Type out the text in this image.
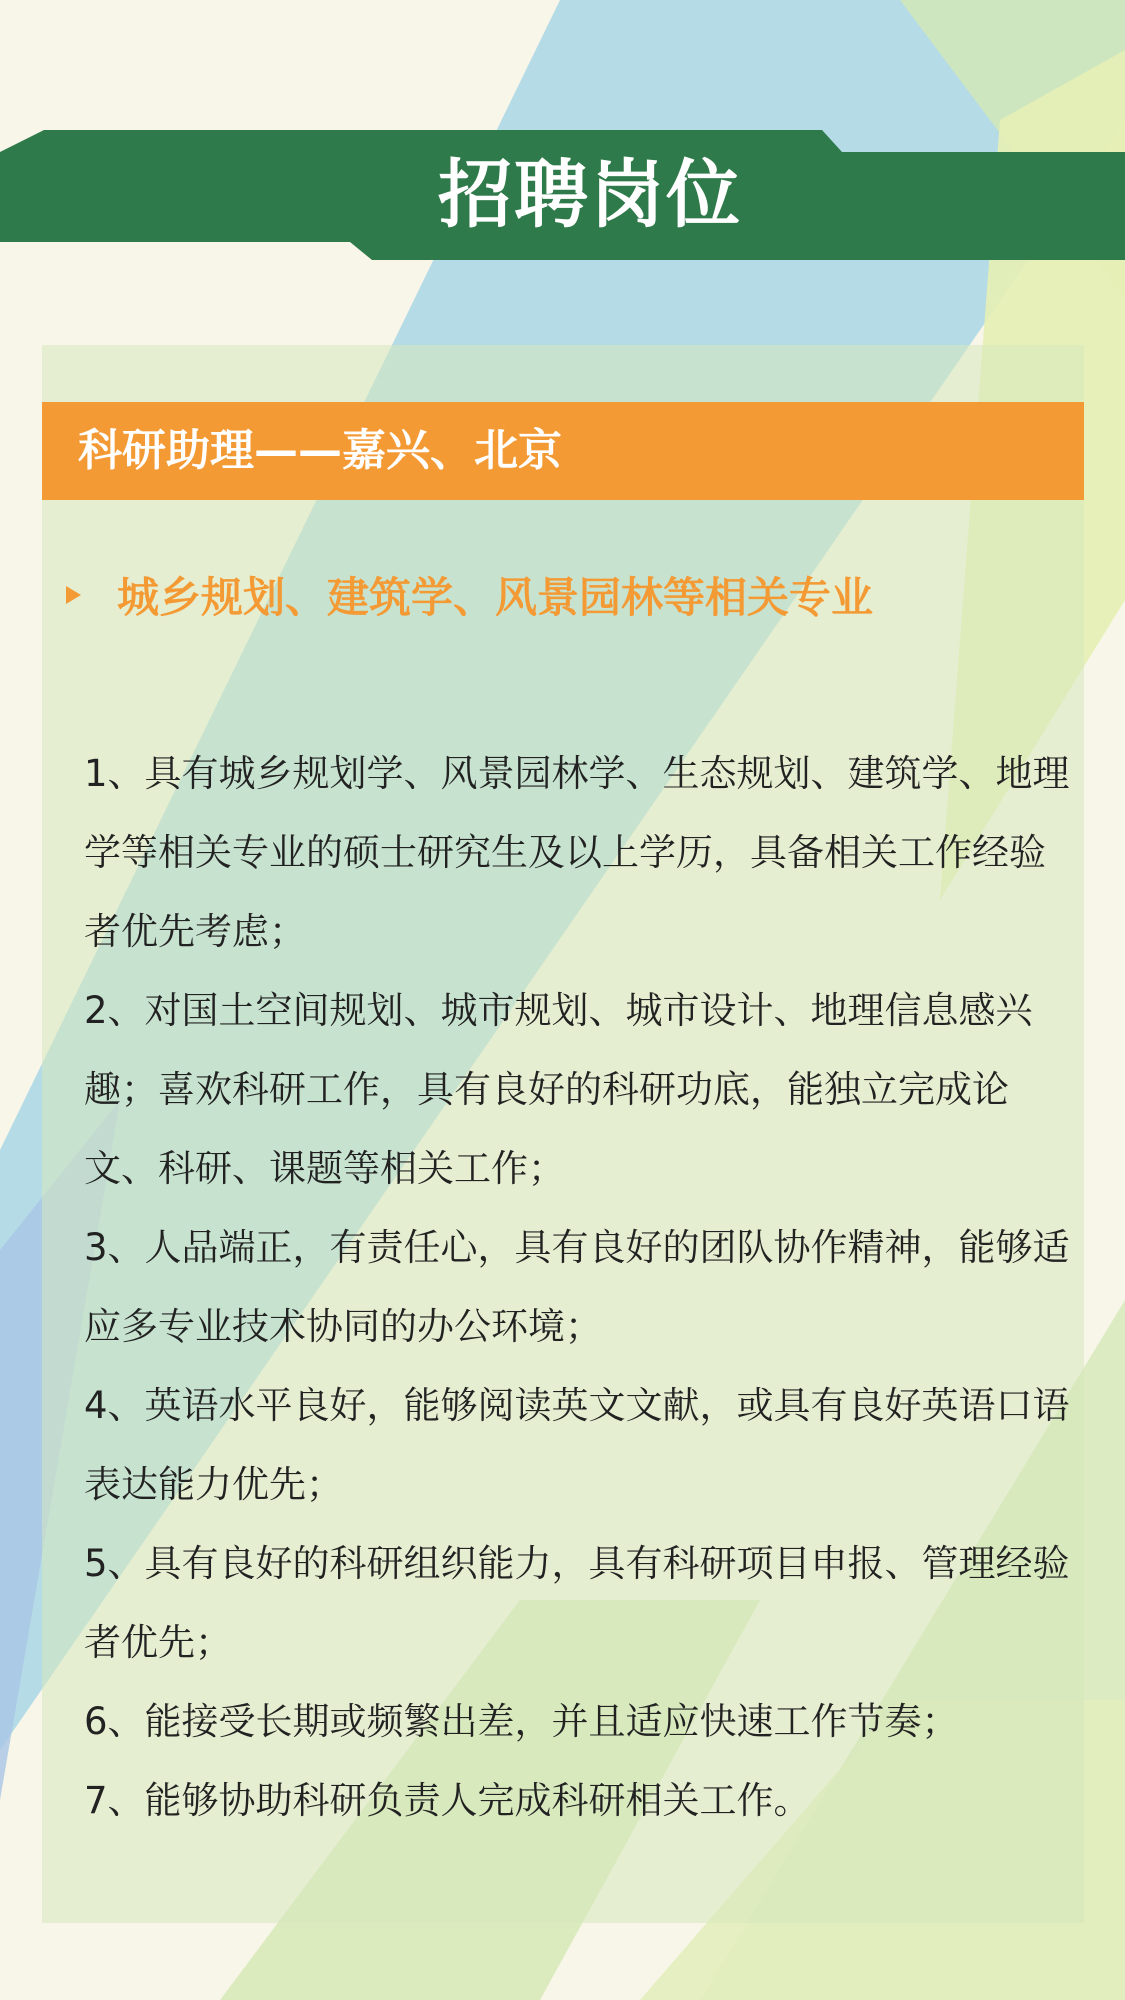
招聘岗位
科研助理——嘉兴、北京
城乡规划、建筑学、风景园林等相关专业
1、具有城乡规划学、风景园林学、生态规划、建筑学、地理学等相关专业的硕士研究生及以上学历，具备相关工作经验者优先考虑；
2、对国土空间规划、城市规划、城市设计、地理信息感兴趣；喜欢科研工作，具有良好的科研功底，能独立完成论文、科研、课题等相关工作；
3、人品端正，有责任心，具有良好的团队协作精神，能够适应多专业技术协同的办公环境；
4、英语水平良好，能够阅读英文文献，或具有良好英语口语表达能力优先；
5、具有良好的科研组织能力，具有科研项目申报、管理经验者优先；
6、能接受长期或频繁出差，并且适应快速工作节奏；
7、能够协助科研负责人完成科研相关工作。
